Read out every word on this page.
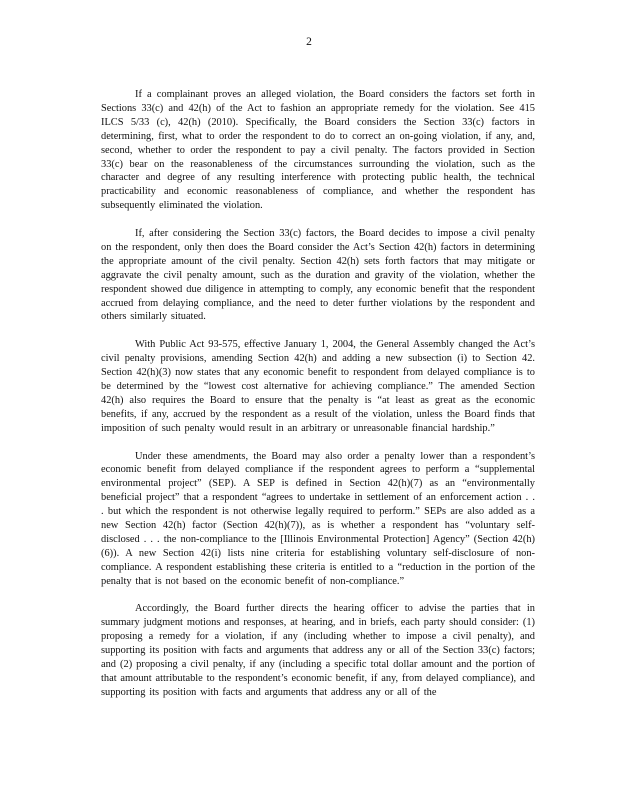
2

If a complainant proves an alleged violation, the Board considers the factors set forth in Sections 33(c) and 42(h) of the Act to fashion an appropriate remedy for the violation. See 415 ILCS 5/33 (c), 42(h) (2010). Specifically, the Board considers the Section 33(c) factors in determining, first, what to order the respondent to do to correct an on-going violation, if any, and, second, whether to order the respondent to pay a civil penalty. The factors provided in Section 33(c) bear on the reasonableness of the circumstances surrounding the violation, such as the character and degree of any resulting interference with protecting public health, the technical practicability and economic reasonableness of compliance, and whether the respondent has subsequently eliminated the violation.

If, after considering the Section 33(c) factors, the Board decides to impose a civil penalty on the respondent, only then does the Board consider the Act’s Section 42(h) factors in determining the appropriate amount of the civil penalty. Section 42(h) sets forth factors that may mitigate or aggravate the civil penalty amount, such as the duration and gravity of the violation, whether the respondent showed due diligence in attempting to comply, any economic benefit that the respondent accrued from delaying compliance, and the need to deter further violations by the respondent and others similarly situated.

With Public Act 93-575, effective January 1, 2004, the General Assembly changed the Act’s civil penalty provisions, amending Section 42(h) and adding a new subsection (i) to Section 42. Section 42(h)(3) now states that any economic benefit to respondent from delayed compliance is to be determined by the “lowest cost alternative for achieving compliance.” The amended Section 42(h) also requires the Board to ensure that the penalty is “at least as great as the economic benefits, if any, accrued by the respondent as a result of the violation, unless the Board finds that imposition of such penalty would result in an arbitrary or unreasonable financial hardship.”

Under these amendments, the Board may also order a penalty lower than a respondent’s economic benefit from delayed compliance if the respondent agrees to perform a “supplemental environmental project” (SEP). A SEP is defined in Section 42(h)(7) as an “environmentally beneficial project” that a respondent “agrees to undertake in settlement of an enforcement action . . . but which the respondent is not otherwise legally required to perform.” SEPs are also added as a new Section 42(h) factor (Section 42(h)(7)), as is whether a respondent has “voluntary self-disclosed . . . the non-compliance to the [Illinois Environmental Protection] Agency” (Section 42(h)(6)). A new Section 42(i) lists nine criteria for establishing voluntary self-disclosure of non-compliance. A respondent establishing these criteria is entitled to a “reduction in the portion of the penalty that is not based on the economic benefit of non-compliance.”

Accordingly, the Board further directs the hearing officer to advise the parties that in summary judgment motions and responses, at hearing, and in briefs, each party should consider: (1) proposing a remedy for a violation, if any (including whether to impose a civil penalty), and supporting its position with facts and arguments that address any or all of the Section 33(c) factors; and (2) proposing a civil penalty, if any (including a specific total dollar amount and the portion of that amount attributable to the respondent’s economic benefit, if any, from delayed compliance), and supporting its position with facts and arguments that address any or all of the
